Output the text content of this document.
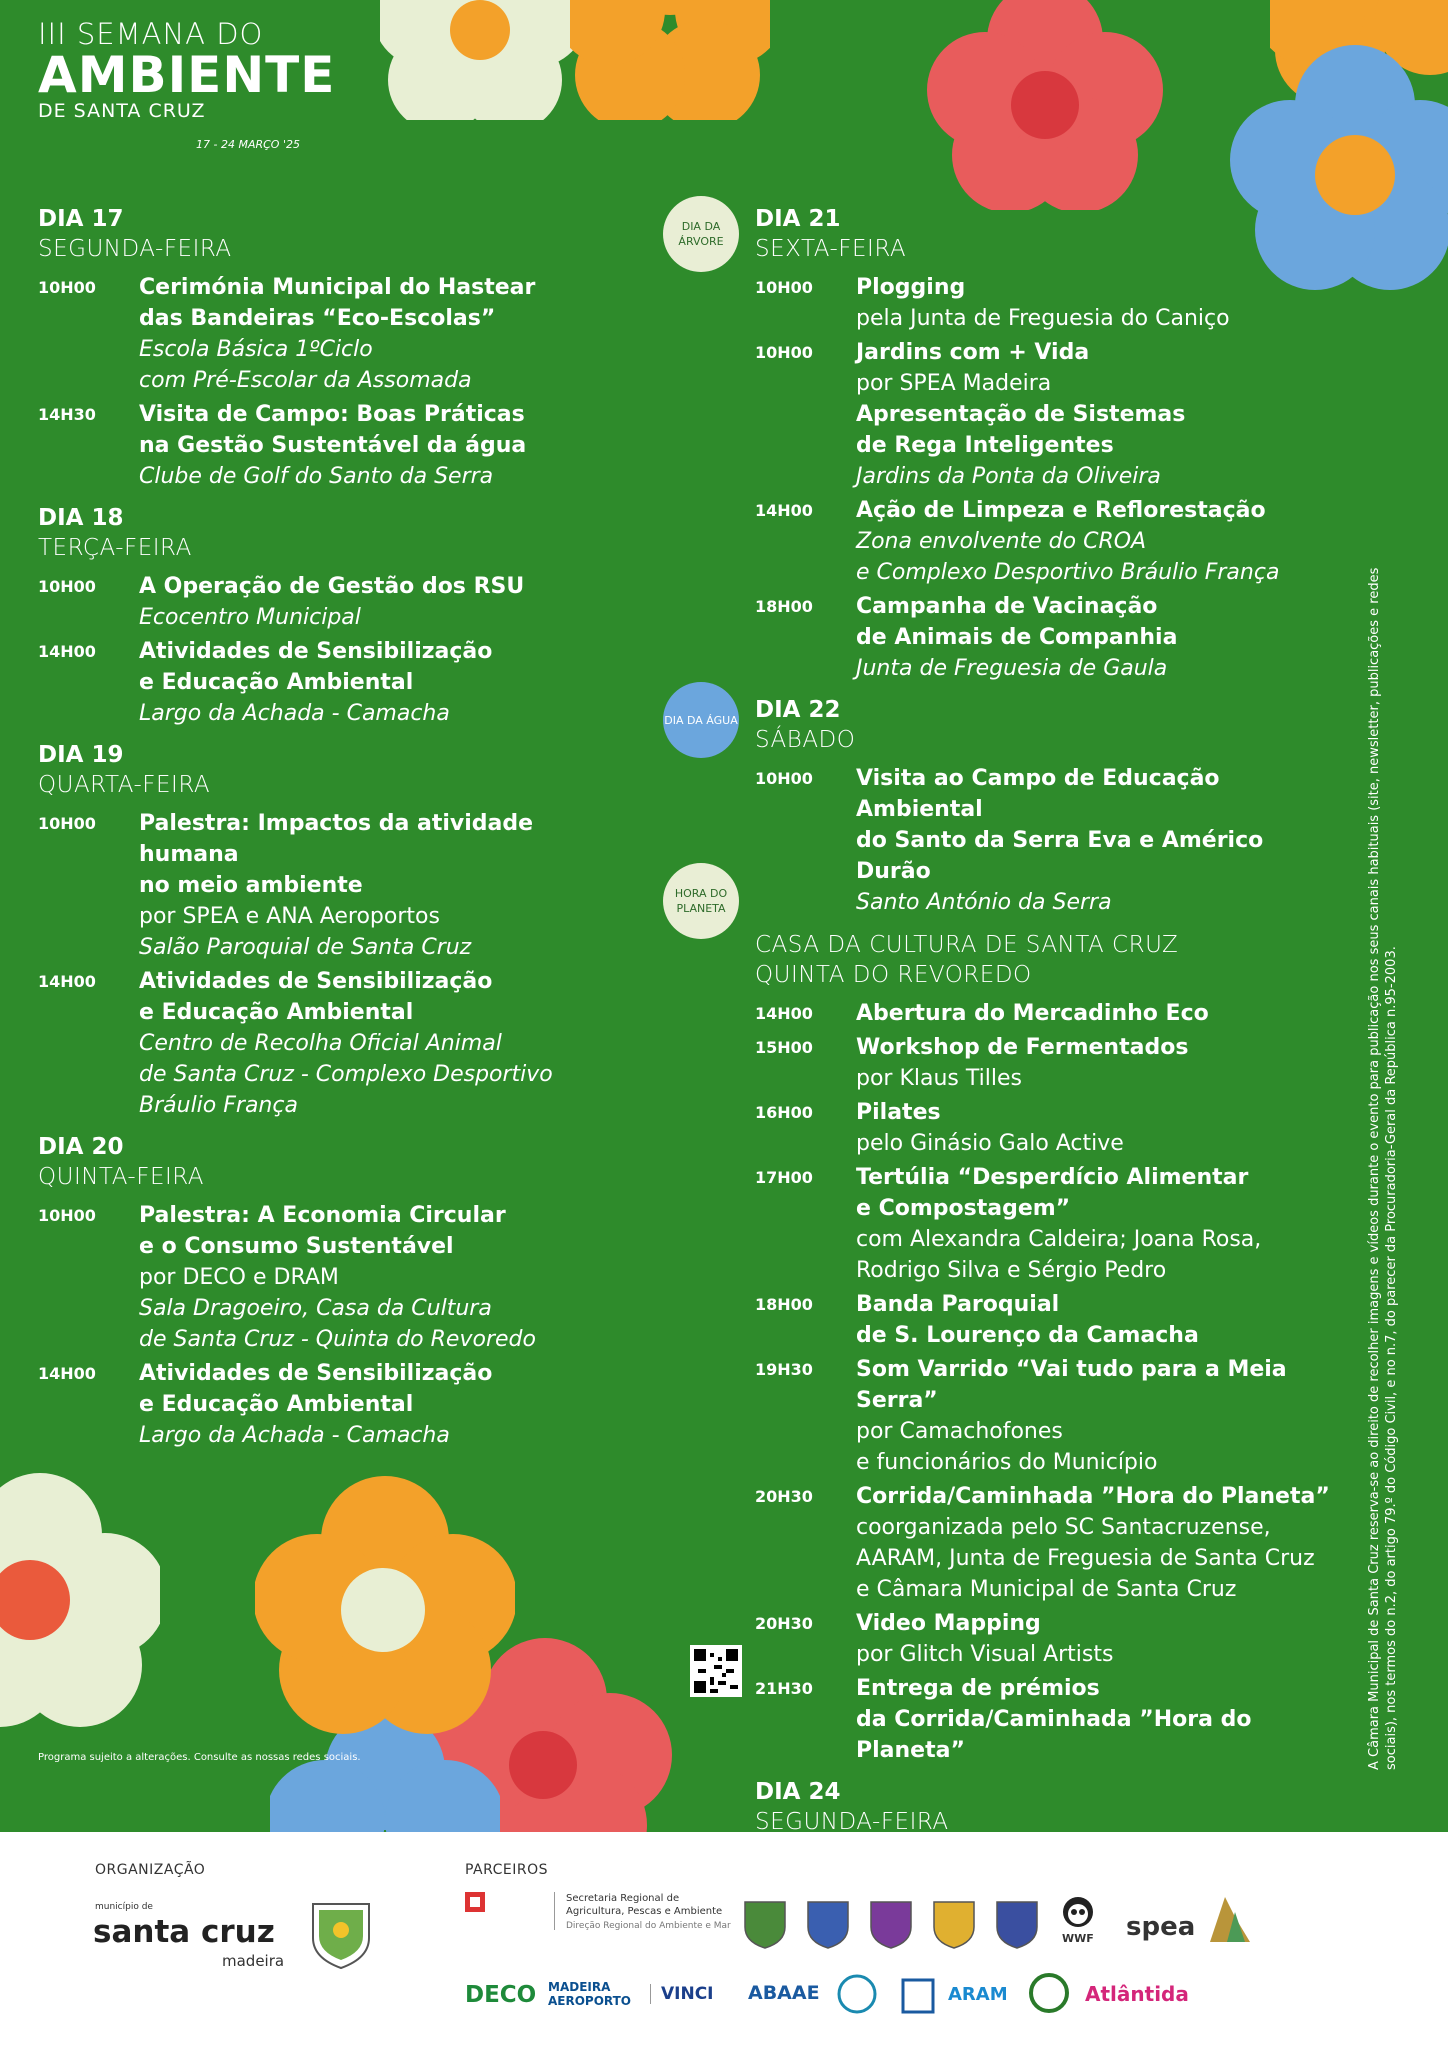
III SEMANA DO
AMBIENTE
DE SANTA CRUZ
17 - 24 MARÇO '25
DIA 17
SEGUNDA-FEIRA
10H00	Cerimónia Municipal do Hastear
das Bandeiras “Eco-Escolas”
Escola Básica 1ºCiclo
com Pré-Escolar da Assomada
14H30	Visita de Campo: Boas Práticas
na Gestão Sustentável da água
Clube de Golf do Santo da Serra
DIA 18
TERÇA-FEIRA
10H00	A Operação de Gestão dos RSU
Ecocentro Municipal
14H00	Atividades de Sensibilização
e Educação Ambiental
Largo da Achada - Camacha
DIA 19
QUARTA-FEIRA
10H00	Palestra: Impactos da atividade humana
no meio ambiente
por SPEA e ANA Aeroportos
Salão Paroquial de Santa Cruz
14H00	Atividades de Sensibilização
e Educação Ambiental
Centro de Recolha Oficial Animal
de Santa Cruz - Complexo Desportivo
Bráulio França
DIA 20
QUINTA-FEIRA
10H00	Palestra: A Economia Circular
e o Consumo Sustentável
por DECO e DRAM
Sala Dragoeiro, Casa da Cultura
de Santa Cruz - Quinta do Revoredo
14H00	Atividades de Sensibilização
e Educação Ambiental
Largo da Achada - Camacha
DIA 21
SEXTA-FEIRA
10H00	Plogging
pela Junta de Freguesia do Caniço
10H00	Jardins com + Vida
por SPEA Madeira
Apresentação de Sistemas
de Rega Inteligentes
Jardins da Ponta da Oliveira
14H00	Ação de Limpeza e Reflorestação
Zona envolvente do CROA
e Complexo Desportivo Bráulio França
18H00	Campanha de Vacinação
de Animais de Companhia
Junta de Freguesia de Gaula
DIA 22
SÁBADO
10H00	Visita ao Campo de Educação Ambiental
do Santo da Serra Eva e Américo Durão
Santo António da Serra
CASA DA CULTURA DE SANTA CRUZ
QUINTA DO REVOREDO
14H00	Abertura do Mercadinho Eco
15H00	Workshop de Fermentados
por Klaus Tilles
16H00	Pilates
pelo Ginásio Galo Active
17H00	Tertúlia “Desperdício Alimentar
e Compostagem”
com Alexandra Caldeira; Joana Rosa,
Rodrigo Silva e Sérgio Pedro
18H00	Banda Paroquial
de S. Lourenço da Camacha
19H30	Som Varrido “Vai tudo para a Meia Serra”
por Camachofones
e funcionários do Município
20H30	Corrida/Caminhada ”Hora do Planeta”
coorganizada pelo SC Santacruzense,
AARAM, Junta de Freguesia de Santa Cruz
e Câmara Municipal de Santa Cruz
20H30	Video Mapping
por Glitch Visual Artists
21H30	Entrega de prémios
da Corrida/Caminhada ”Hora do Planeta”
DIA 24
SEGUNDA-FEIRA
DIA DA ÁRVORE
DIA DA ÁGUA
HORA DO PLANETA
Programa sujeito a alterações. Consulte as nossas redes sociais.	A Câmara Municipal de Santa Cruz reserva-se ao direito de recolher imagens e vídeos durante o evento para publicação nos seus canais habituais (site, newsletter, publicações e redes sociais), nos termos do n.2, do artigo 79.º do Código Civil, e no n.7, do parecer da Procuradoria-Geral da República n.95-2003.
ORGANIZAÇÃO
município de
santa cruz
madeira
PARCEIROS
Secretaria Regional de Agricultura, Pescas e Ambiente
Direção Regional do Ambiente e Mar
WWF spea
DECO MADEIRA AEROPORTO	VINCI ABAAE	ARAM	Atlântida
